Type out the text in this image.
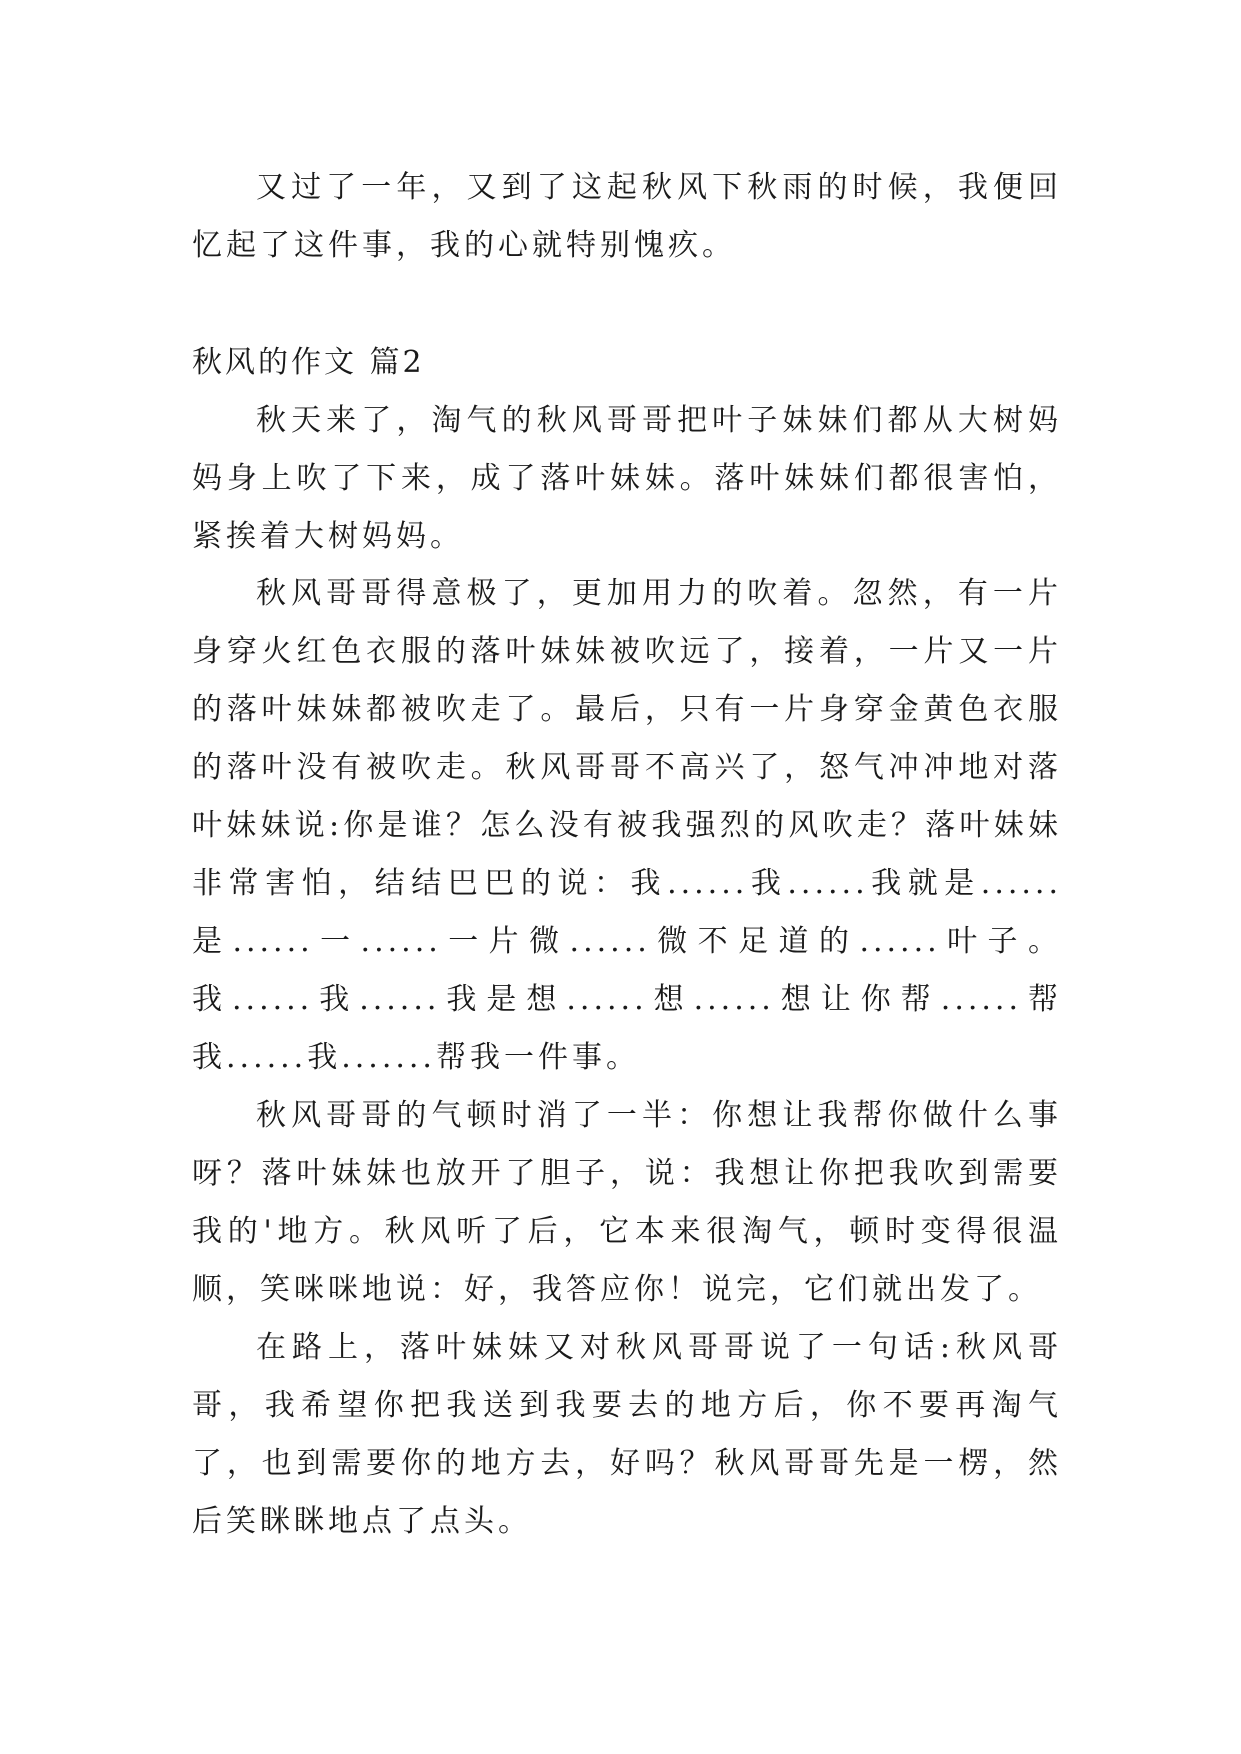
又过了一年，又到了这起秋风下秋雨的时候，我便回忆起了这件事，我的心就特别愧疚。

秋风的作文 篇2

秋天来了，淘气的秋风哥哥把叶子妹妹们都从大树妈妈身上吹了下来，成了落叶妹妹。落叶妹妹们都很害怕，紧挨着大树妈妈。

秋风哥哥得意极了，更加用力的吹着。忽然，有一片身穿火红色衣服的落叶妹妹被吹远了，接着，一片又一片的落叶妹妹都被吹走了。最后，只有一片身穿金黄色衣服的落叶没有被吹走。秋风哥哥不高兴了，怒气冲冲地对落叶妹妹说:你是谁？怎么没有被我强烈的风吹走？落叶妹妹非常害怕，结结巴巴的说：我......我......我就是......是......一......一片微......微不足道的......叶子。我......我......我是想......想......想让你帮......帮我......我.......帮我一件事。

秋风哥哥的气顿时消了一半：你想让我帮你做什么事呀？落叶妹妹也放开了胆子，说：我想让你把我吹到需要我的'地方。秋风听了后，它本来很淘气，顿时变得很温顺，笑咪咪地说：好，我答应你！说完，它们就出发了。

在路上，落叶妹妹又对秋风哥哥说了一句话:秋风哥哥，我希望你把我送到我要去的地方后，你不要再淘气了，也到需要你的地方去，好吗？秋风哥哥先是一楞，然后笑眯眯地点了点头。
